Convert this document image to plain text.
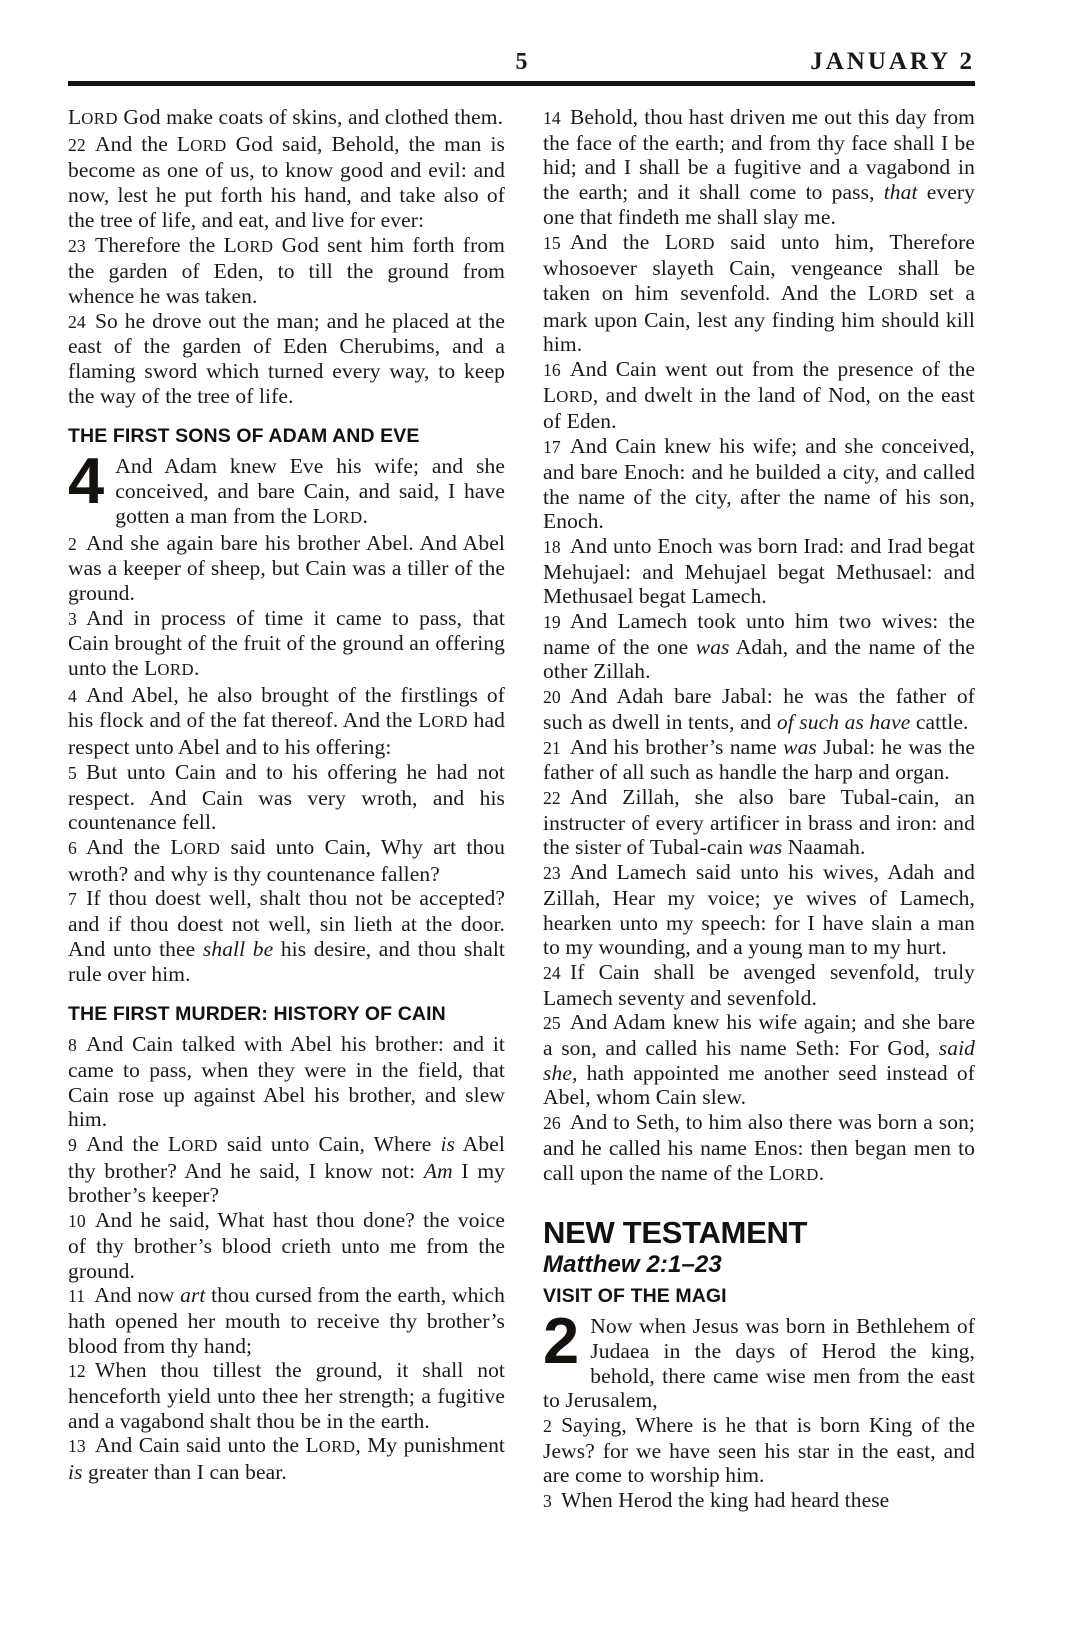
5	JANUARY 2

LORD God make coats of skins, and clothed them.

22 And the LORD God said, Behold, the man is become as one of us, to know good and evil: and now, lest he put forth his hand, and take also of the tree of life, and eat, and live for ever:

23 Therefore the LORD God sent him forth from the garden of Eden, to till the ground from whence he was taken.

24 So he drove out the man; and he placed at the east of the garden of Eden Cherubims, and a flaming sword which turned every way, to keep the way of the tree of life.

THE FIRST SONS OF ADAM AND EVE

4 And Adam knew Eve his wife; and she conceived, and bare Cain, and said, I have gotten a man from the LORD.

2 And she again bare his brother Abel. And Abel was a keeper of sheep, but Cain was a tiller of the ground.

3 And in process of time it came to pass, that Cain brought of the fruit of the ground an offering unto the LORD.

4 And Abel, he also brought of the firstlings of his flock and of the fat thereof. And the LORD had respect unto Abel and to his offering:

5 But unto Cain and to his offering he had not respect. And Cain was very wroth, and his countenance fell.

6 And the LORD said unto Cain, Why art thou wroth? and why is thy countenance fallen?

7 If thou doest well, shalt thou not be accepted? and if thou doest not well, sin lieth at the door. And unto thee shall be his desire, and thou shalt rule over him.

THE FIRST MURDER: HISTORY OF CAIN

8 And Cain talked with Abel his brother: and it came to pass, when they were in the field, that Cain rose up against Abel his brother, and slew him.

9 And the LORD said unto Cain, Where is Abel thy brother? And he said, I know not: Am I my brother’s keeper?

10 And he said, What hast thou done? the voice of thy brother’s blood crieth unto me from the ground.

11 And now art thou cursed from the earth, which hath opened her mouth to receive thy brother’s blood from thy hand;

12 When thou tillest the ground, it shall not henceforth yield unto thee her strength; a fugitive and a vagabond shalt thou be in the earth.

13 And Cain said unto the LORD, My punishment is greater than I can bear.

14 Behold, thou hast driven me out this day from the face of the earth; and from thy face shall I be hid; and I shall be a fugitive and a vagabond in the earth; and it shall come to pass, that every one that findeth me shall slay me.

15 And the LORD said unto him, Therefore whosoever slayeth Cain, vengeance shall be taken on him sevenfold. And the LORD set a mark upon Cain, lest any finding him should kill him.

16 And Cain went out from the presence of the LORD, and dwelt in the land of Nod, on the east of Eden.

17 And Cain knew his wife; and she conceived, and bare Enoch: and he builded a city, and called the name of the city, after the name of his son, Enoch.

18 And unto Enoch was born Irad: and Irad begat Mehujael: and Mehujael begat Methusael: and Methusael begat Lamech.

19 And Lamech took unto him two wives: the name of the one was Adah, and the name of the other Zillah.

20 And Adah bare Jabal: he was the father of such as dwell in tents, and of such as have cattle.

21 And his brother’s name was Jubal: he was the father of all such as handle the harp and organ.

22 And Zillah, she also bare Tubal-cain, an instructer of every artificer in brass and iron: and the sister of Tubal-cain was Naamah.

23 And Lamech said unto his wives, Adah and Zillah, Hear my voice; ye wives of Lamech, hearken unto my speech: for I have slain a man to my wounding, and a young man to my hurt.

24 If Cain shall be avenged sevenfold, truly Lamech seventy and sevenfold.

25 And Adam knew his wife again; and she bare a son, and called his name Seth: For God, said she, hath appointed me another seed instead of Abel, whom Cain slew.

26 And to Seth, to him also there was born a son; and he called his name Enos: then began men to call upon the name of the LORD.

NEW TESTAMENT
Matthew 2:1–23
VISIT OF THE MAGI

2 Now when Jesus was born in Bethlehem of Judaea in the days of Herod the king, behold, there came wise men from the east to Jerusalem,

2 Saying, Where is he that is born King of the Jews? for we have seen his star in the east, and are come to worship him.

3 When Herod the king had heard these
